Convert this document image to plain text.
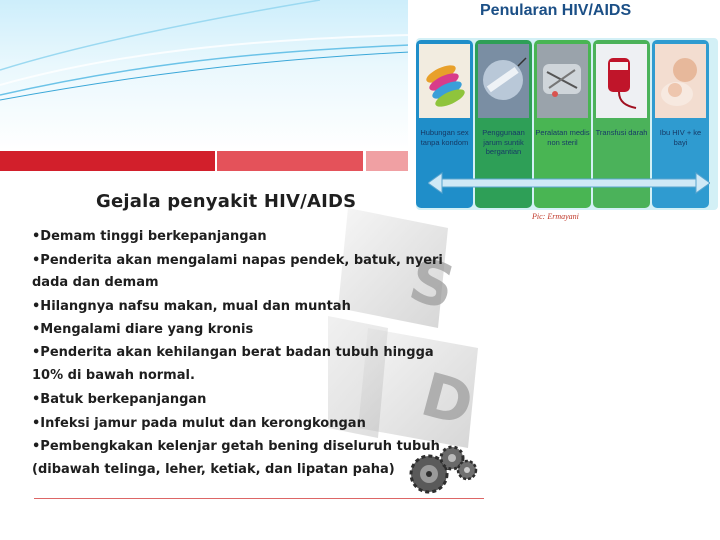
Penularan HIV/AIDS
Hubungan sex tanpa kondom
Penggunaan jarum suntik bergantian
Peralatan medis non steril
Transfusi darah	Ibu HIV + ke bayi
Pic: Ermayani
S
D
Gejala penyakit HIV/AIDS
•Demam tinggi berkepanjangan
•Penderita akan mengalami napas pendek, batuk, nyeri
dada dan demam
•Hilangnya nafsu makan, mual dan muntah
•Mengalami diare yang kronis
•Penderita akan kehilangan berat badan tubuh hingga
10% di bawah normal.
•Batuk berkepanjangan
•Infeksi jamur pada mulut dan kerongkongan
•Pembengkakan kelenjar getah bening diseluruh tubuh
(dibawah telinga, leher, ketiak, dan lipatan paha)
